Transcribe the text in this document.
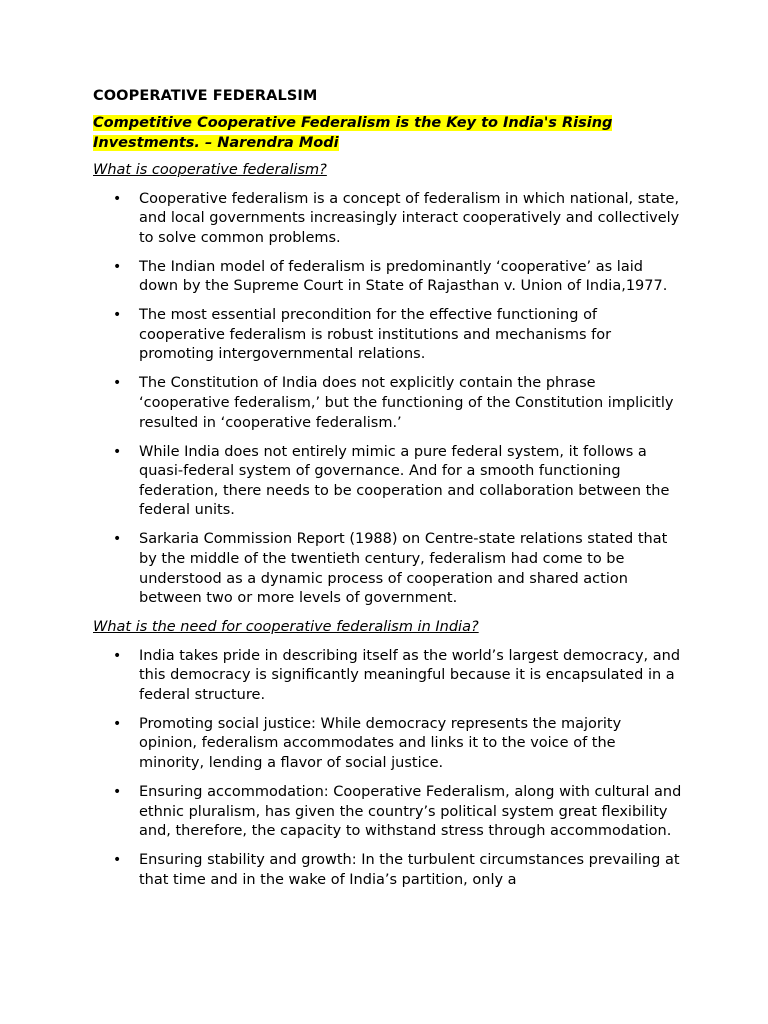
COOPERATIVE FEDERALSIM
Competitive Cooperative Federalism is the Key to India's Rising Investments. – Narendra Modi
What is cooperative federalism?
• Cooperative federalism is a concept of federalism in which national, state, and local governments increasingly interact cooperatively and collectively to solve common problems.
• The Indian model of federalism is predominantly ‘cooperative’ as laid down by the Supreme Court in State of Rajasthan v. Union of India,1977.
• The most essential precondition for the effective functioning of cooperative federalism is robust institutions and mechanisms for promoting intergovernmental relations.
• The Constitution of India does not explicitly contain the phrase ‘cooperative federalism,’ but the functioning of the Constitution implicitly resulted in ‘cooperative federalism.’
• While India does not entirely mimic a pure federal system, it follows a quasi-federal system of governance. And for a smooth functioning federation, there needs to be cooperation and collaboration between the federal units.
• Sarkaria Commission Report (1988) on Centre-state relations stated that by the middle of the twentieth century, federalism had come to be understood as a dynamic process of cooperation and shared action between two or more levels of government.
What is the need for cooperative federalism in India?
• India takes pride in describing itself as the world’s largest democracy, and this democracy is significantly meaningful because it is encapsulated in a federal structure.
• Promoting social justice: While democracy represents the majority opinion, federalism accommodates and links it to the voice of the minority, lending a flavor of social justice.
• Ensuring accommodation: Cooperative Federalism, along with cultural and ethnic pluralism, has given the country’s political system great flexibility and, therefore, the capacity to withstand stress through accommodation.
• Ensuring stability and growth: In the turbulent circumstances prevailing at that time and in the wake of India’s partition, only a
